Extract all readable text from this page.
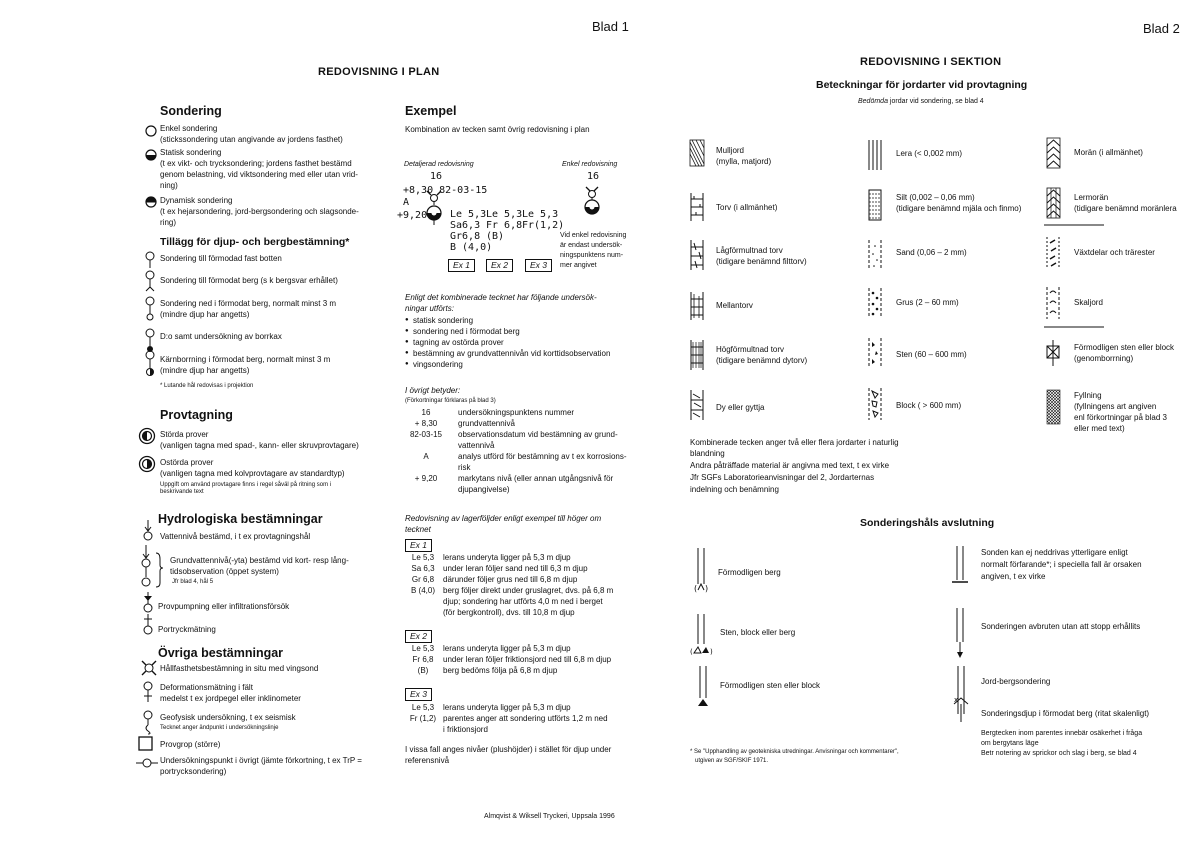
Blad 1
REDOVISNING I PLAN
Sondering
Enkel sondering
(stickssondering utan angivande av jordens fasthet)
Statisk sondering
(t ex vikt- och trycksondering; jordens fasthet bestämd
genom belastning, vid viktsondering med eller utan vrid-
ning)
Dynamisk sondering
(t ex hejarsondering, jord-bergsondering och slagsonde-
ring)
Tillägg för djup- och bergbestämning*
Sondering till förmodad fast botten
Sondering till förmodat berg (s k bergsvar erhållet)
Sondering ned i förmodat berg, normalt minst 3 m
(mindre djup har angetts)
D:o samt undersökning av borrkax
Kärnborrning i förmodat berg, normalt minst 3 m
(mindre djup har angetts)
* Lutande hål redovisas i projektion
Provtagning
Störda prover
(vanligen tagna med spad-, kann- eller skruvprovtagare)
Ostörda prover
(vanligen tagna med kolvprovtagare av standardtyp)
Uppgift om använd provtagare finns i regel såväl på ritning som i
beskrivande text
Hydrologiska bestämningar
Vattennivå bestämd, i t ex provtagningshål
Grundvattennivå(-yta) bestämd vid kort- resp lång-
tidsobservation (öppet system)
Jfr blad 4, hål 5
Provpumpning eller infiltrationsförsök
Portryckmätning
Övriga bestämningar
Hållfasthetsbestämning in situ med vingsond
Deformationsmätning i fält
medelst t ex jordpegel eller inklinometer
Geofysisk undersökning, t ex seismisk
Tecknet anger ändpunkt i undersökningslinje
Provgrop (större)
Undersökningspunkt i övrigt (jämte förkortning, t ex TrP =
portrycksondering)
Exempel
Kombination av tecken samt övrig redovisning i plan
Detaljerad redovisning	Enkel redovisning
16	16
+8,30 82-03-15
A
+9,20 Le 5,3
Sa6,3
Gr6,8
B (4,0)
Le 5,3
Fr 6,8
(B)
Le 5,3
Fr(1,2)
Ex 1	Ex 2	Ex 3
Vid enkel redovisning
är endast undersök-
ningspunktens num-
mer angivet
Enligt det kombinerade tecknet har följande undersök-
ningar utförts:
● statisk sondering
● sondering ned i förmodat berg
● tagning av ostörda prover
● bestämning av grundvattennivån vid korttidsobservation
● vingsondering
I övrigt betyder:
(Förkortningar förklaras på blad 3)
16	undersökningspunktens nummer
+ 8,30	grundvattennivå
82-03-15 observationsdatum vid bestämning av grund-
vattennivå
A	analys utförd för bestämning av t ex korrosions-
risk
+ 9,20	markytans nivå (eller annan utgångsnivå för
djupangivelse)
Redovisning av lagerföljder enligt exempel till höger om
tecknet
Ex 1
Le 5,3 lerans underyta ligger på 5,3 m djup
Sa 6,3 under leran följer sand ned till 6,3 m djup
Gr 6,8 därunder följer grus ned till 6,8 m djup
B (4,0) berg följer direkt under gruslagret, dvs. på 6,8 m
djup; sondering har utförts 4,0 m ned i berget
(för bergkontroll), dvs. till 10,8 m djup
Ex 2
Le 5,3 lerans underyta ligger på 5,3 m djup
Fr 6,8 under leran följer friktionsjord ned till 6,8 m djup
(B) berg bedöms följa på 6,8 m djup
Ex 3
Le 5,3 lerans underyta ligger på 5,3 m djup
Fr (1,2) parentes anger att sondering utförts 1,2 m ned
i friktionsjord
I vissa fall anges nivåer (plushöjder) i stället för djup under
referensnivå
Almqvist & Wiksell Tryckeri, Uppsala 1996
Blad 2
REDOVISNING I SEKTION
Beteckningar för jordarter vid provtagning
Bedömda jordar vid sondering, se blad 4
Mulljord
(mylla, matjord)
Torv (i allmänhet)
Lågförmultnad torv
(tidigare benämnd filttorv)
Mellantorv
Högförmultnad torv
(tidigare benämnd dytorv)
Dy eller gyttja
Lera (< 0,002 mm)
Silt (0,002 – 0,06 mm)
(tidigare benämnd mjäla och finmo)
Sand (0,06 – 2 mm)
Grus (2 – 60 mm)
Sten (60 – 600 mm)
Block ( > 600 mm)
Morän (i allmänhet)
Lermorän
(tidigare benämnd moränlera
Växtdelar och trärester
Skaljord
Förmodligen sten eller block
(genomborrning)
Fyllning
(fyllningens art angiven
enl förkortningar på blad 3
eller med text)
Kombinerade tecken anger två eller flera jordarter i naturlig
blandning
Andra påträffade material är angivna med text, t ex virke
Jfr SGFs Laboratorieanvisningar del 2, Jordarternas
indelning och benämning
Sonderingshåls avslutning
( )
Förmodligen berg
( )
Sten, block eller berg
Förmodligen sten eller block
Sonden kan ej neddrivas ytterligare enligt
normalt förfarande*; i speciella fall är orsaken
angiven, t ex virke
Sonderingen avbruten utan att stopp erhållits
x
Jord-bergsondering
Sonderingsdjup i förmodat berg (ritat skalenligt)
Bergtecken inom parentes innebär osäkerhet i fråga
om bergytans läge
Betr notering av sprickor och slag i berg, se blad 4
* Se "Upphandling av geotekniska utredningar. Anvisningar och kommentarer",
utgiven av SGF/SKIF 1971.
